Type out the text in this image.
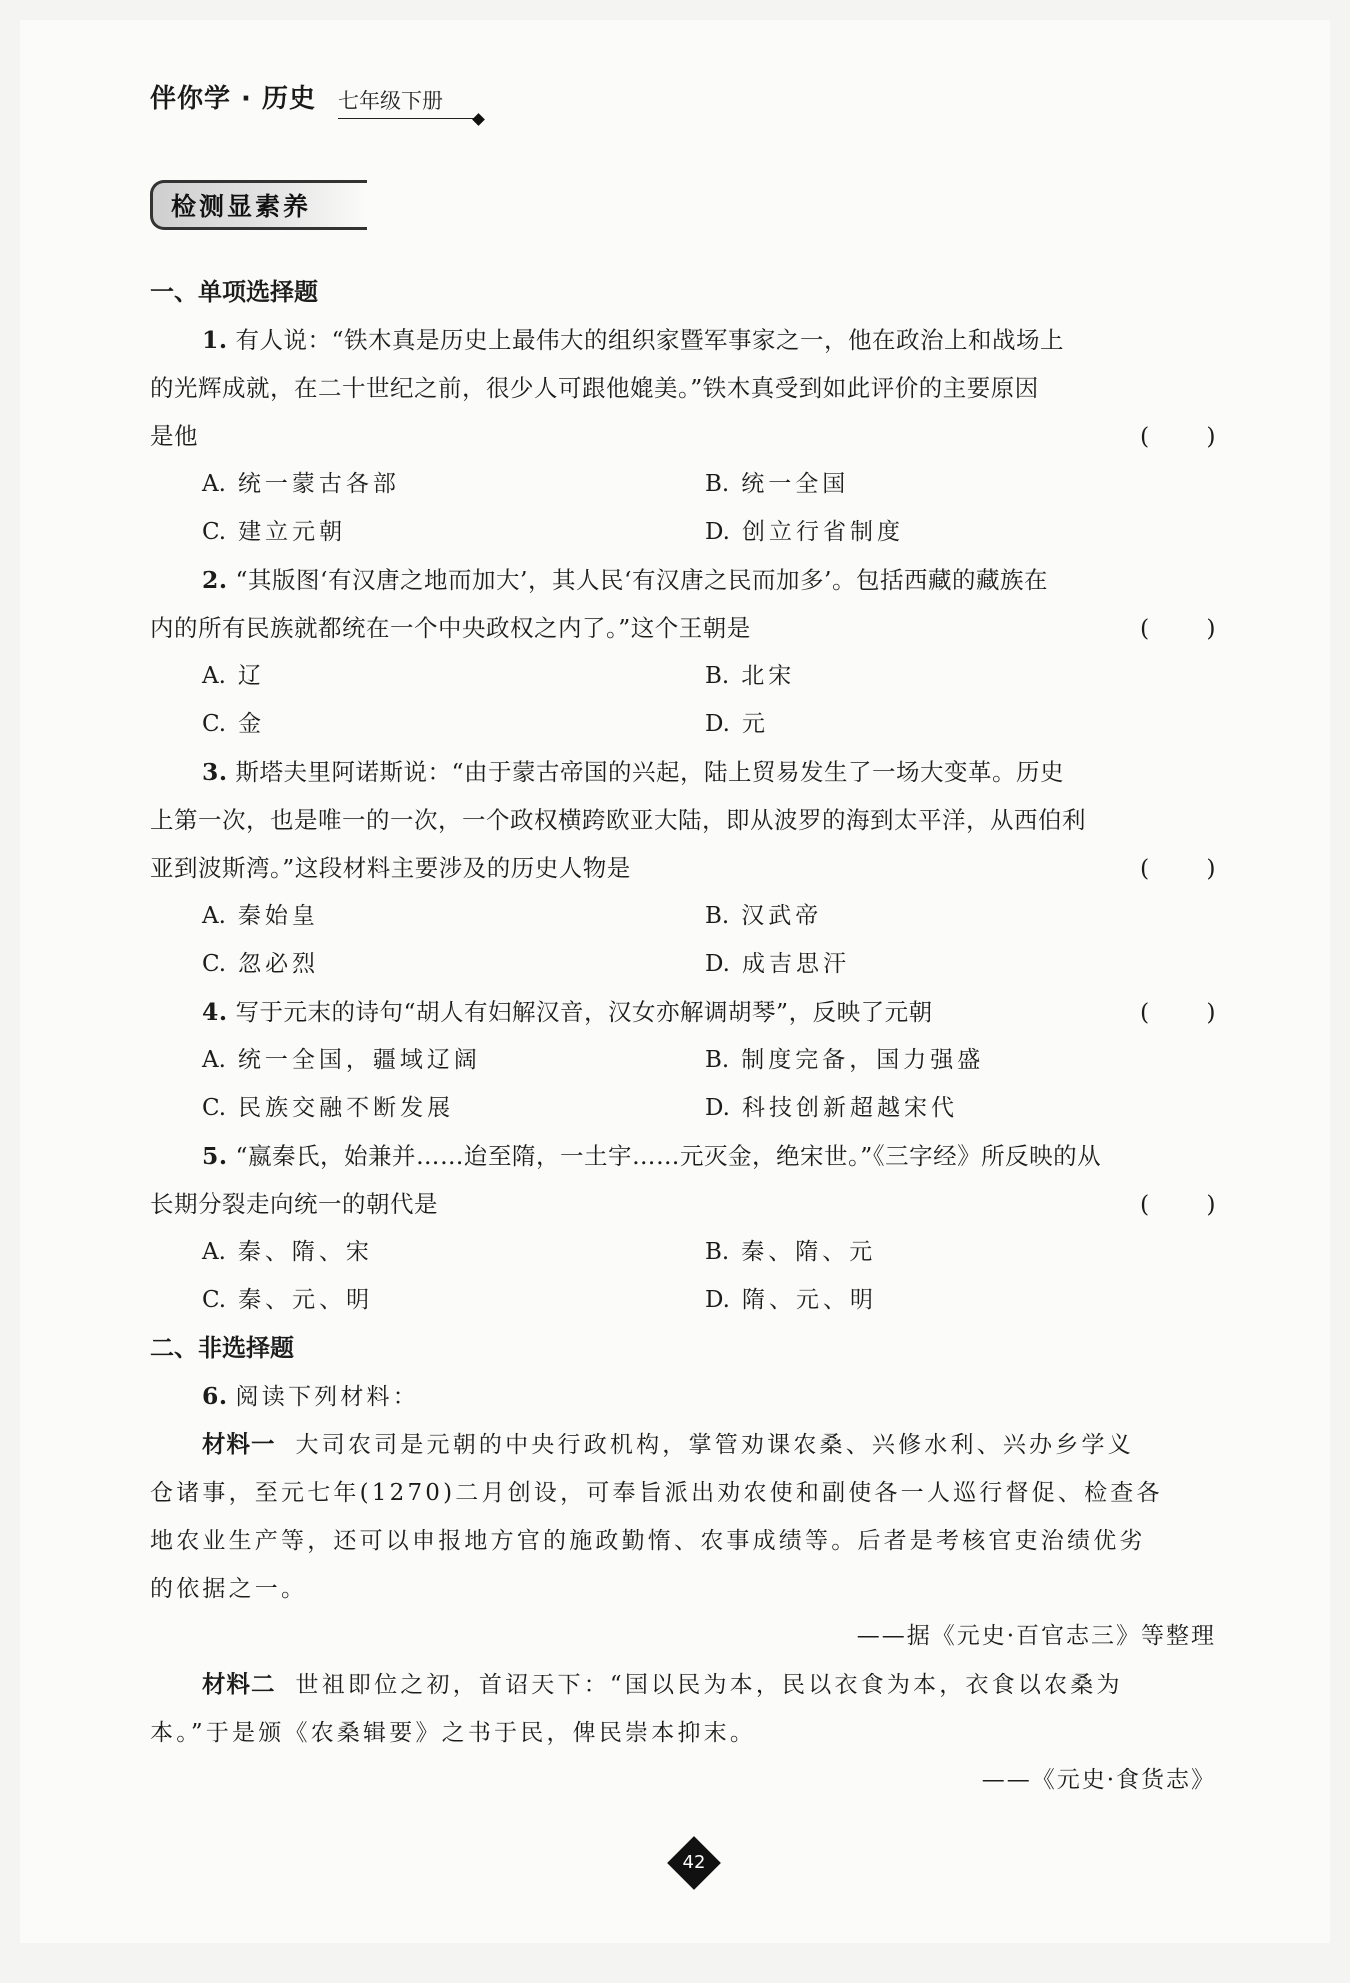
伴你学 · 历史 七年级下册
检测显素养
一、单项选择题
1. 有人说：“铁木真是历史上最伟大的组织家暨军事家之一，他在政治上和战场上
的光辉成就，在二十世纪之前，很少人可跟他媲美。”铁木真受到如此评价的主要原因
是他	( )
A. 统一蒙古各部	B. 统一全国
C. 建立元朝	D. 创立行省制度
2. “其版图‘有汉唐之地而加大’，其人民‘有汉唐之民而加多’。包括西藏的藏族在
内的所有民族就都统在一个中央政权之内了。”这个王朝是	( )
A. 辽	B. 北宋
C. 金	D. 元
3. 斯塔夫里阿诺斯说：“由于蒙古帝国的兴起，陆上贸易发生了一场大变革。历史
上第一次，也是唯一的一次，一个政权横跨欧亚大陆，即从波罗的海到太平洋，从西伯利
亚到波斯湾。”这段材料主要涉及的历史人物是	( )
A. 秦始皇	B. 汉武帝
C. 忽必烈	D. 成吉思汗
4. 写于元末的诗句“胡人有妇解汉音，汉女亦解调胡琴”，反映了元朝	( )
A. 统一全国，疆域辽阔	B. 制度完备，国力强盛
C. 民族交融不断发展	D. 科技创新超越宋代
5. “嬴秦氏，始兼并……迨至隋，一土宇……元灭金，绝宋世。”《三字经》所反映的从
长期分裂走向统一的朝代是	( )
A. 秦、隋、宋	B. 秦、隋、元
C. 秦、元、明	D. 隋、元、明
二、非选择题
6. 阅读下列材料：
材料一 大司农司是元朝的中央行政机构，掌管劝课农桑、兴修水利、兴办乡学义
仓诸事，至元七年(1270)二月创设，可奉旨派出劝农使和副使各一人巡行督促、检查各
地农业生产等，还可以申报地方官的施政勤惰、农事成绩等。后者是考核官吏治绩优劣
的依据之一。
——据《元史·百官志三》等整理
材料二 世祖即位之初，首诏天下：“国以民为本，民以衣食为本，衣食以农桑为
本。”于是颁《农桑辑要》之书于民，俾民崇本抑末。
——《元史·食货志》
42
